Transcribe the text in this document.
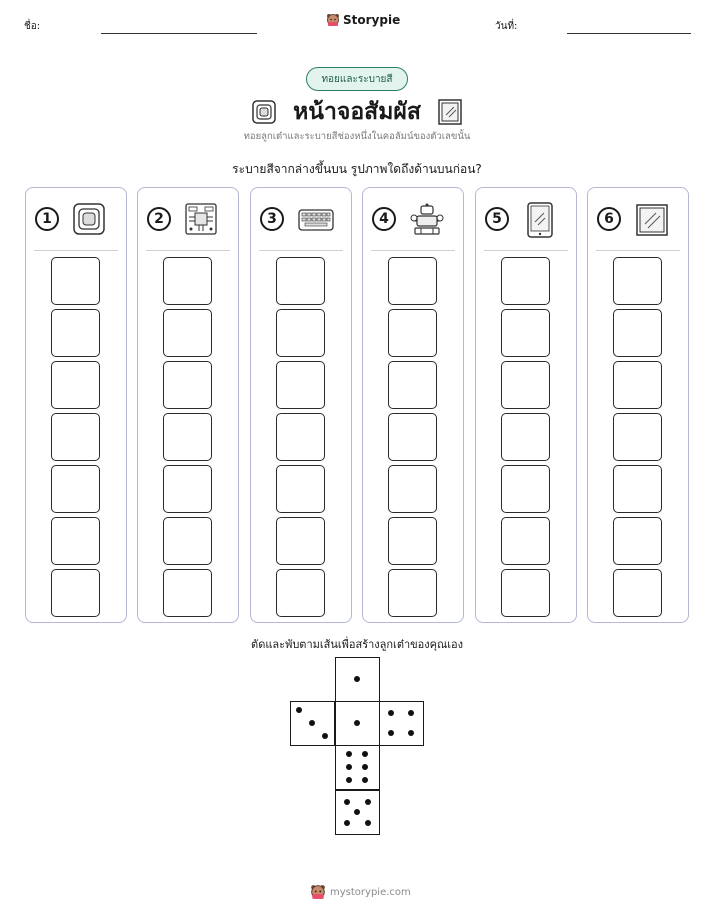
ชื่อ:	Storypie	วันที่:
ทอยและระบายสี
หน้าจอสัมผัส
ทอยลูกเต๋าและระบายสีช่องหนึ่งในคอลัมน์ของตัวเลขนั้น
ระบายสีจากล่างขึ้นบน รูปภาพใดถึงด้านบนก่อน?
1	2	3	4	5	6
ตัดและพับตามเส้นเพื่อสร้างลูกเต๋าของคุณเอง
mystorypie.com
